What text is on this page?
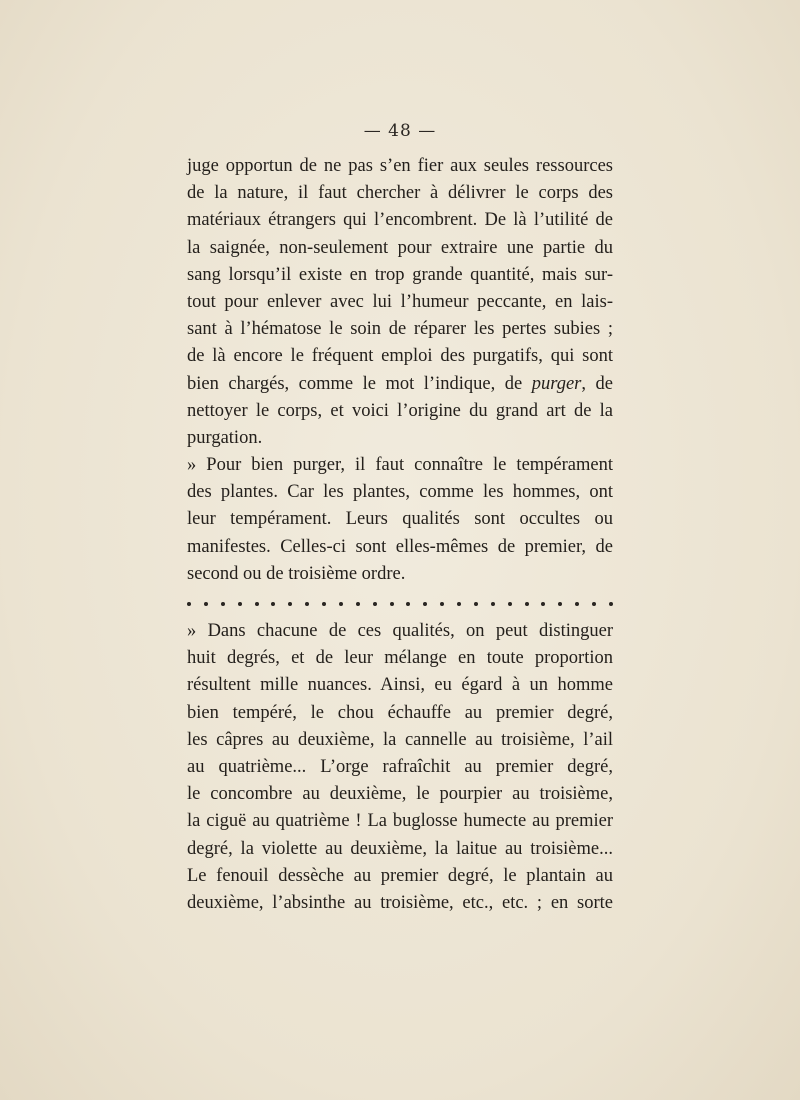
— 48 —
juge opportun de ne pas s’en fier aux seules ressources
de la nature, il faut chercher à délivrer le corps des
matériaux étrangers qui l’encombrent. De là l’utilité de
la saignée, non-seulement pour extraire une partie du
sang lorsqu’il existe en trop grande quantité, mais sur-
tout pour enlever avec lui l’humeur peccante, en lais-
sant à l’hématose le soin de réparer les pertes subies ;
de là encore le fréquent emploi des purgatifs, qui sont
bien chargés, comme le mot l’indique, de purger, de
nettoyer le corps, et voici l’origine du grand art de la
purgation.
» Pour bien purger, il faut connaître le tempérament
des plantes. Car les plantes, comme les hommes, ont
leur tempérament. Leurs qualités sont occultes ou
manifestes. Celles-ci sont elles-mêmes de premier, de
second ou de troisième ordre.
» Dans chacune de ces qualités, on peut distinguer
huit degrés, et de leur mélange en toute proportion
résultent mille nuances. Ainsi, eu égard à un homme
bien tempéré, le chou échauffe au premier degré,
les câpres au deuxième, la cannelle au troisième, l’ail
au quatrième... L’orge rafraîchit au premier degré,
le concombre au deuxième, le pourpier au troisième,
la ciguë au quatrième ! La buglosse humecte au premier
degré, la violette au deuxième, la laitue au troisième...
Le fenouil dessèche au premier degré, le plantain au
deuxième, l’absinthe au troisième, etc., etc. ; en sorte
